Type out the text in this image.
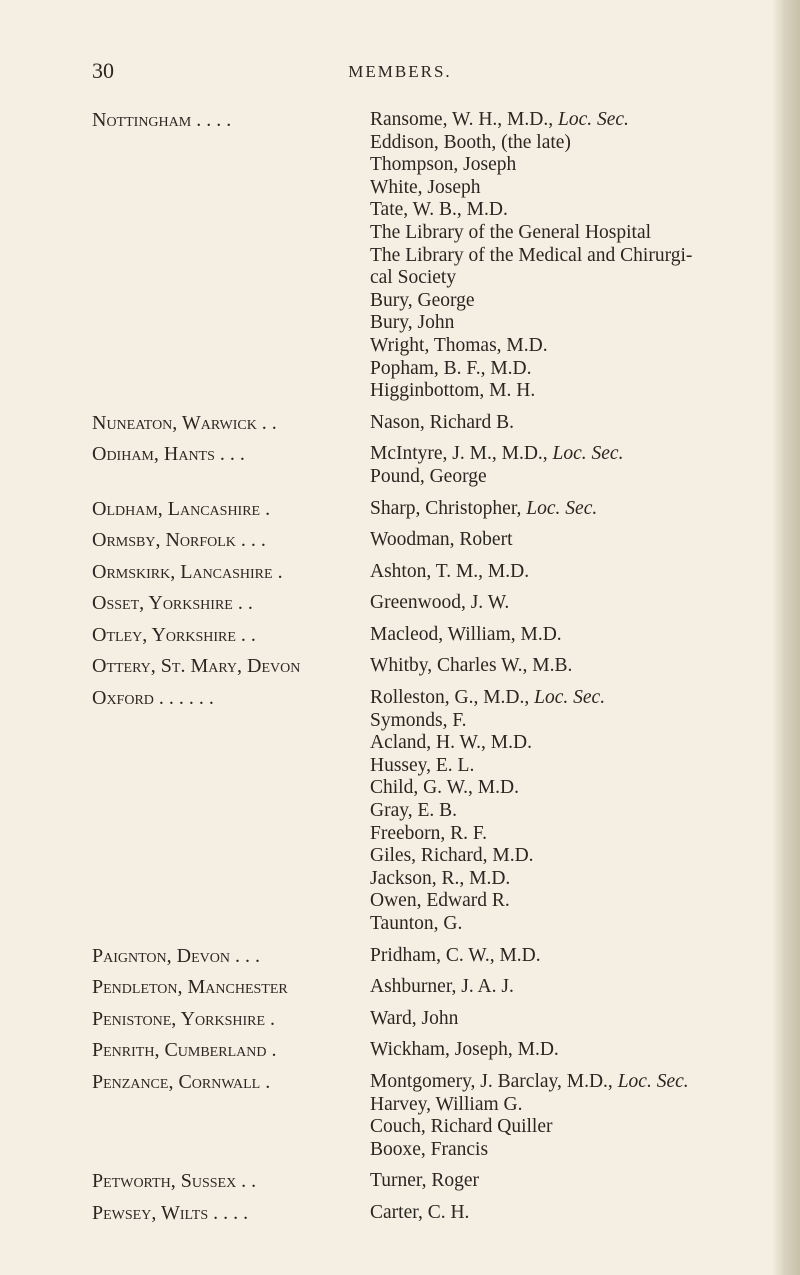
30	MEMBERS.
Nottingham . . . .	Ransome, W. H., M.D., Loc. Sec.
Eddison, Booth, (the late)
Thompson, Joseph
White, Joseph
Tate, W. B., M.D.
The Library of the General Hospital
The Library of the Medical and Chirurgi-
cal Society
Bury, George
Bury, John
Wright, Thomas, M.D.
Popham, B. F., M.D.
Higginbottom, M. H.
Nuneaton, Warwick . .	Nason, Richard B.
Odiham, Hants . . .	McIntyre, J. M., M.D., Loc. Sec.
Pound, George
Oldham, Lancashire .	Sharp, Christopher, Loc. Sec.
Ormsby, Norfolk . . .	Woodman, Robert
Ormskirk, Lancashire .	Ashton, T. M., M.D.
Osset, Yorkshire . .	Greenwood, J. W.
Otley, Yorkshire . .	Macleod, William, M.D.
Ottery, St. Mary, Devon	Whitby, Charles W., M.B.
Oxford . . . . . .	Rolleston, G., M.D., Loc. Sec.
Symonds, F.
Acland, H. W., M.D.
Hussey, E. L.
Child, G. W., M.D.
Gray, E. B.
Freeborn, R. F.
Giles, Richard, M.D.
Jackson, R., M.D.
Owen, Edward R.
Taunton, G.
Paignton, Devon . . .	Pridham, C. W., M.D.
Pendleton, Manchester	Ashburner, J. A. J.
Penistone, Yorkshire .	Ward, John
Penrith, Cumberland .	Wickham, Joseph, M.D.
Penzance, Cornwall .	Montgomery, J. Barclay, M.D., Loc. Sec.
Harvey, William G.
Couch, Richard Quiller
Booxe, Francis
Petworth, Sussex . .	Turner, Roger
Pewsey, Wilts . . . .	Carter, C. H.
